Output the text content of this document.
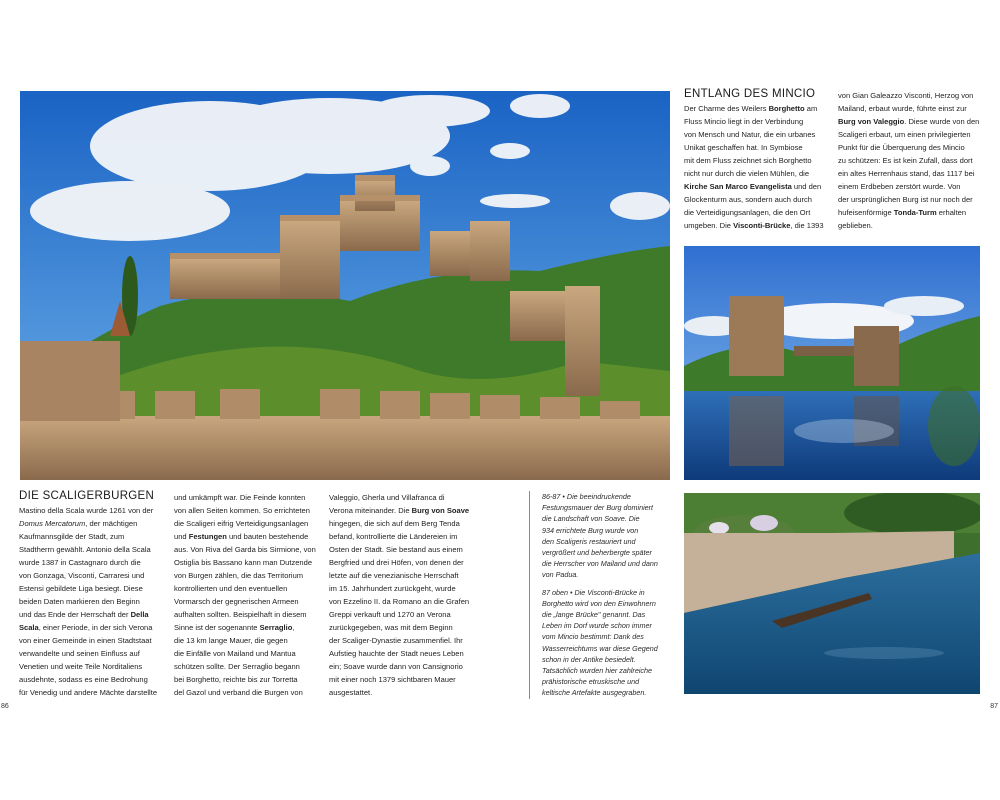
ENTLANG DES MINCIO
Der Charme des Weilers Borghetto am
Fluss Mincio liegt in der Verbindung
von Mensch und Natur, die ein urbanes
Unikat geschaffen hat. In Symbiose
mit dem Fluss zeichnet sich Borghetto
nicht nur durch die vielen Mühlen, die
Kirche San Marco Evangelista und den
Glockenturm aus, sondern auch durch
die Verteidigungsanlagen, die den Ort
umgeben. Die Visconti-Brücke, die 1393
von Gian Galeazzo Visconti, Herzog von
Mailand, erbaut wurde, führte einst zur
Burg von Valeggio. Diese wurde von den
Scaligeri erbaut, um einen privilegierten
Punkt für die Überquerung des Mincio
zu schützen: Es ist kein Zufall, dass dort
ein altes Herrenhaus stand, das 1117 bei
einem Erdbeben zerstört wurde. Von
der ursprünglichen Burg ist nur noch der
hufeisenförmige Tonda-Turm erhalten
geblieben.
DIE SCALIGERBURGEN
Mastino della Scala wurde 1261 von der
Domus Mercatorum, der mächtigen
Kaufmannsgilde der Stadt, zum
Stadtherrn gewählt. Antonio della Scala
wurde 1387 in Castagnaro durch die
von Gonzaga, Visconti, Carraresi und
Estensi gebildete Liga besiegt. Diese
beiden Daten markieren den Beginn
und das Ende der Herrschaft der Della
Scala, einer Periode, in der sich Verona
von einer Gemeinde in einen Stadtstaat
verwandelte und seinen Einfluss auf
Venetien und weite Teile Norditaliens
ausdehnte, sodass es eine Bedrohung
für Venedig und andere Mächte darstellte
und umkämpft war. Die Feinde konnten
von allen Seiten kommen. So errichteten
die Scaligeri eifrig Verteidigungsanlagen
und Festungen und bauten bestehende
aus. Von Riva del Garda bis Sirmione, von
Ostiglia bis Bassano kann man Dutzende
von Burgen zählen, die das Territorium
kontrollierten und den eventuellen
Vormarsch der gegnerischen Armeen
aufhalten sollten. Beispielhaft in diesem
Sinne ist der sogenannte Serraglio,
die 13 km lange Mauer, die gegen
die Einfälle von Mailand und Mantua
schützen sollte. Der Serraglio begann
bei Borghetto, reichte bis zur Torretta
del Gazol und verband die Burgen von
Valeggio, Gherla und Villafranca di
Verona miteinander. Die Burg von Soave
hingegen, die sich auf dem Berg Tenda
befand, kontrollierte die Ländereien im
Osten der Stadt. Sie bestand aus einem
Bergfried und drei Höfen, von denen der
letzte auf die venezianische Herrschaft
im 15. Jahrhundert zurückgeht, wurde
von Ezzelino II. da Romano an die Grafen
Greppi verkauft und 1270 an Verona
zurückgegeben, was mit dem Beginn
der Scaliger-Dynastie zusammenfiel. Ihr
Aufstieg hauchte der Stadt neues Leben
ein; Soave wurde dann von Cansignorio
mit einer noch 1379 sichtbaren Mauer
ausgestattet.
86-87 • Die beeindruckende
Festungsmauer der Burg dominiert
die Landschaft von Soave. Die
934 errichtete Burg wurde von
den Scaligeris restauriert und
vergrößert und beherbergte später
die Herrscher von Mailand und dann
von Padua.
87 oben • Die Visconti-Brücke in
Borghetto wird von den Einwohnern
die „lange Brücke" genannt. Das
Leben im Dorf wurde schon immer
vom Mincio bestimmt: Dank des
Wasserreichtums war diese Gegend
schon in der Antike besiedelt.
Tatsächlich wurden hier zahlreiche
prähistorische etruskische und
keltische Artefakte ausgegraben.
86	87
